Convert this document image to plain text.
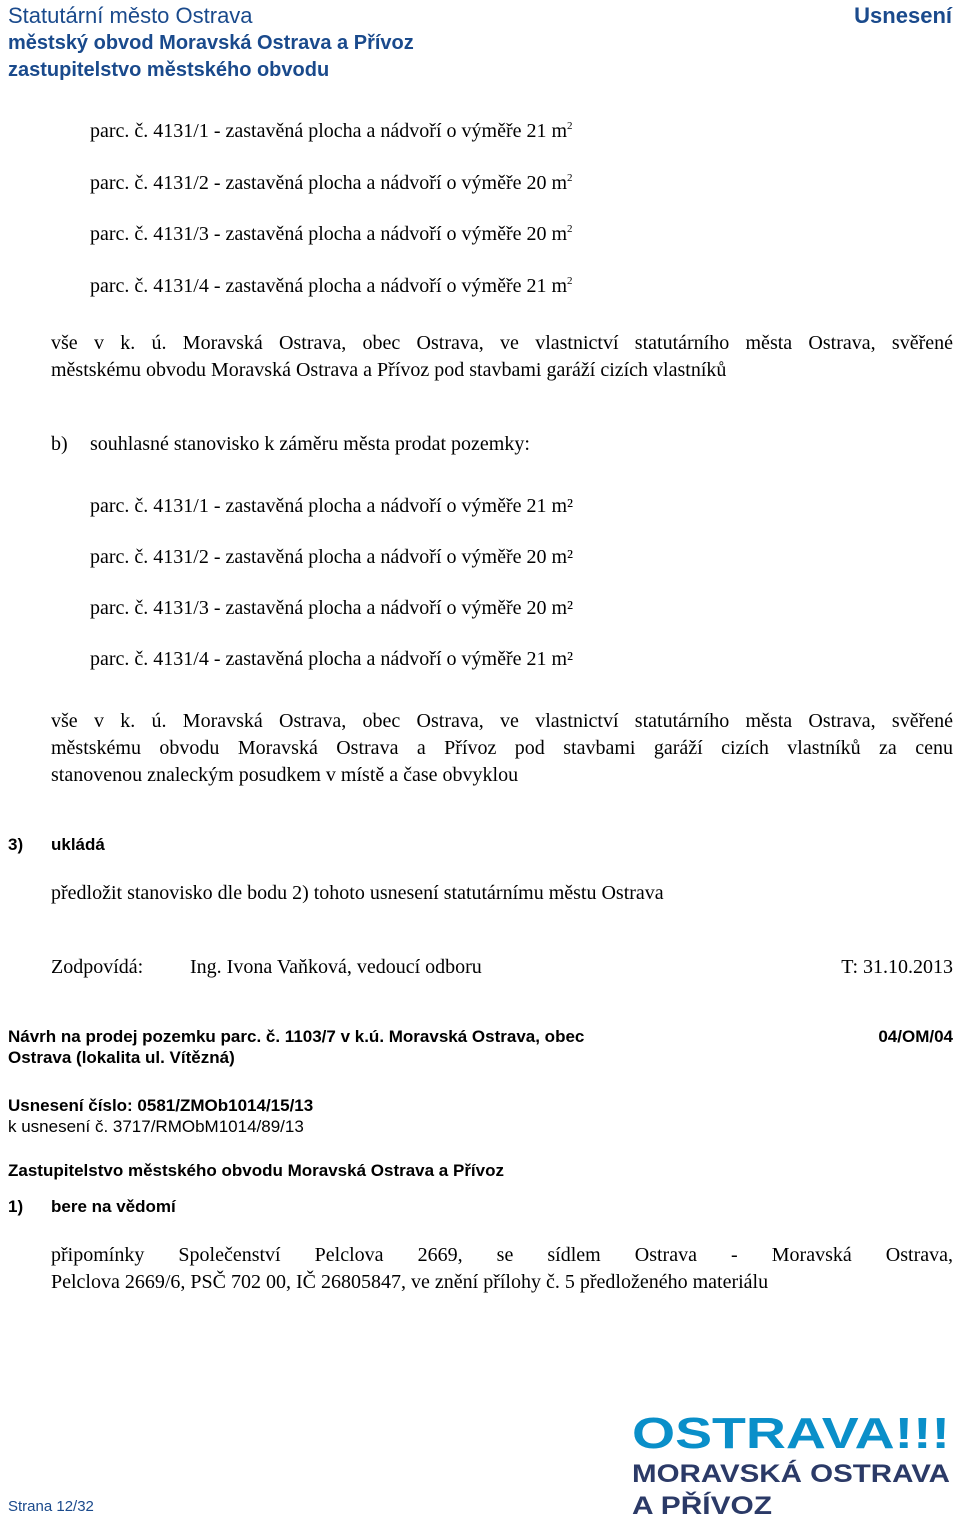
Statutární město Ostrava
městský obvod Moravská Ostrava a Přívoz
zastupitelstvo městského obvodu
Usnesení
parc. č. 4131/1 - zastavěná plocha a nádvoří o výměře 21 $m^2$
parc. č. 4131/2 - zastavěná plocha a nádvoří o výměře 20 $m^2$
parc. č. 4131/3 - zastavěná plocha a nádvoří o výměře 20 $m^2$
parc. č. 4131/4 - zastavěná plocha a nádvoří o výměře 21 $m^2$
vše v k. ú. Moravská Ostrava, obec Ostrava, ve vlastnictví statutárního města Ostrava, svěřené
městskému obvodu Moravská Ostrava a Přívoz pod stavbami garáží cizích vlastníků
b) souhlasné stanovisko k záměru města prodat pozemky:
parc. č. 4131/1 - zastavěná plocha a nádvoří o výměře 21 m²
parc. č. 4131/2 - zastavěná plocha a nádvoří o výměře 20 m²
parc. č. 4131/3 - zastavěná plocha a nádvoří o výměře 20 m²
parc. č. 4131/4 - zastavěná plocha a nádvoří o výměře 21 m²
vše v k. ú. Moravská Ostrava, obec Ostrava, ve vlastnictví statutárního města Ostrava, svěřené
městskému obvodu Moravská Ostrava a Přívoz pod stavbami garáží cizích vlastníků za cenu
stanovenou znaleckým posudkem v místě a čase obvyklou
3) ukládá
předložit stanovisko dle bodu 2) tohoto usnesení statutárnímu městu Ostrava
Zodpovídá: Ing. Ivona Vaňková, vedoucí odboru	T: 31.10.2013
Návrh na prodej pozemku parc. č. 1103/7 v k.ú. Moravská Ostrava, obec
Ostrava (lokalita ul. Vítězná)
04/OM/04
Usnesení číslo: 0581/ZMOb1014/15/13
k usnesení č. 3717/RMObM1014/89/13
Zastupitelstvo městského obvodu Moravská Ostrava a Přívoz
1) bere na vědomí
připomínky Společenství Pelclova 2669, se sídlem Ostrava - Moravská Ostrava,
Pelclova 2669/6, PSČ 702 00, IČ 26805847, ve znění přílohy č. 5 předloženého materiálu
OSTRAVA!!!
MORAVSKÁ OSTRAVA
A PŘÍVOZ
Strana 12/32
